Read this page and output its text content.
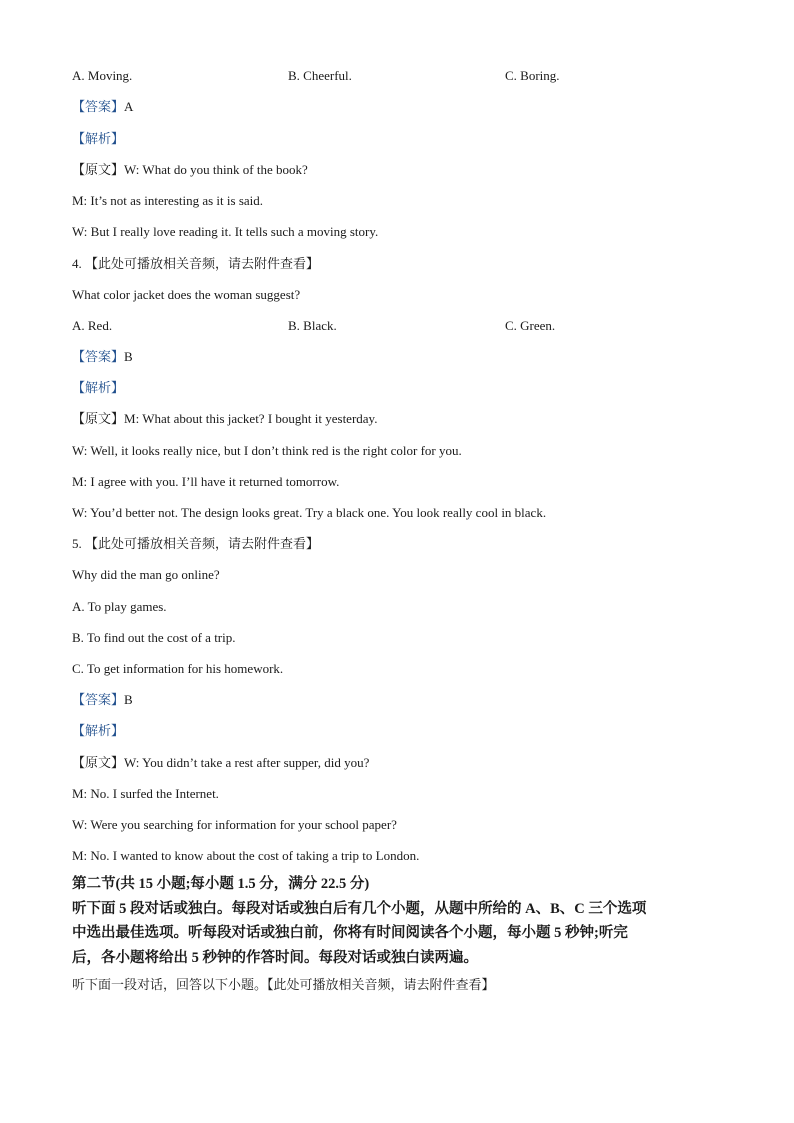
A. Moving.	B. Cheerful.	C. Boring.
【答案】A
【解析】
【原文】W: What do you think of the book?
M: It’s not as interesting as it is said.
W: But I really love reading it. It tells such a moving story.
4. 【此处可播放相关音频，请去附件查看】
What color jacket does the woman suggest?
A. Red.	B. Black.	C. Green.
【答案】B
【解析】
【原文】M: What about this jacket? I bought it yesterday.
W: Well, it looks really nice, but I don’t think red is the right color for you.
M: I agree with you. I’ll have it returned tomorrow.
W: You’d better not. The design looks great. Try a black one. You look really cool in black.
5. 【此处可播放相关音频，请去附件查看】
Why did the man go online?
A. To play games.
B. To find out the cost of a trip.
C. To get information for his homework.
【答案】B
【解析】
【原文】W: You didn’t take a rest after supper, did you?
M: No. I surfed the Internet.
W: Were you searching for information for your school paper?
M: No. I wanted to know about the cost of taking a trip to London.
第二节(共 15 小题;每小题 1.5 分，满分 22.5 分)
听下面 5 段对话或独白。每段对话或独白后有几个小题，从题中所给的 A、B、C 三个选项
中选出最佳选项。听每段对话或独白前，你将有时间阅读各个小题，每小题 5 秒钟;听完
后，各小题将给出 5 秒钟的作答时间。每段对话或独白读两遍。
听下面一段对话，回答以下小题。【此处可播放相关音频，请去附件查看】
